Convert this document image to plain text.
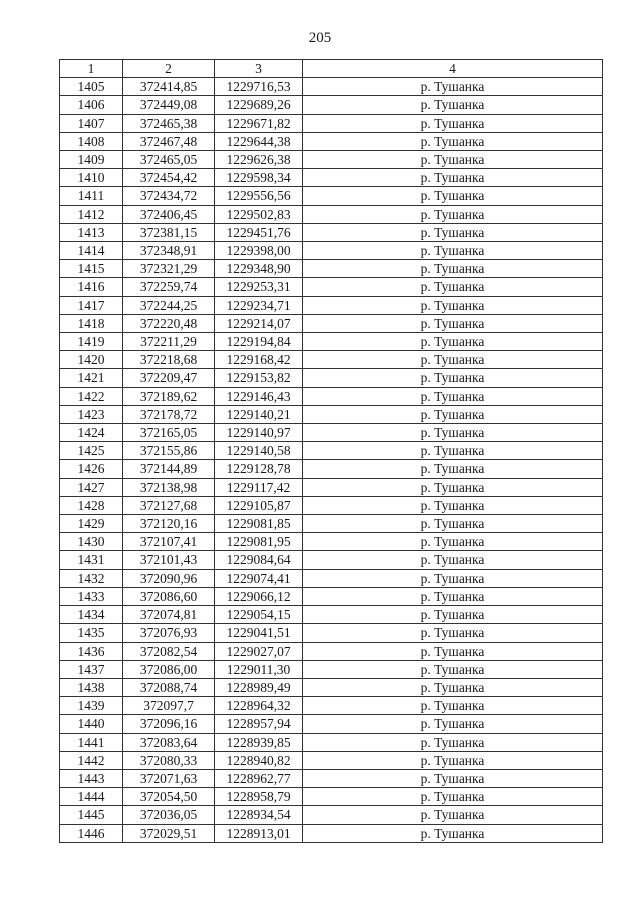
205
1	2	3	4
1405	372414,85	1229716,53	р. Тушанка
1406	372449,08	1229689,26	р. Тушанка
1407	372465,38	1229671,82	р. Тушанка
1408	372467,48	1229644,38	р. Тушанка
1409	372465,05	1229626,38	р. Тушанка
1410	372454,42	1229598,34	р. Тушанка
1411	372434,72	1229556,56	р. Тушанка
1412	372406,45	1229502,83	р. Тушанка
1413	372381,15	1229451,76	р. Тушанка
1414	372348,91	1229398,00	р. Тушанка
1415	372321,29	1229348,90	р. Тушанка
1416	372259,74	1229253,31	р. Тушанка
1417	372244,25	1229234,71	р. Тушанка
1418	372220,48	1229214,07	р. Тушанка
1419	372211,29	1229194,84	р. Тушанка
1420	372218,68	1229168,42	р. Тушанка
1421	372209,47	1229153,82	р. Тушанка
1422	372189,62	1229146,43	р. Тушанка
1423	372178,72	1229140,21	р. Тушанка
1424	372165,05	1229140,97	р. Тушанка
1425	372155,86	1229140,58	р. Тушанка
1426	372144,89	1229128,78	р. Тушанка
1427	372138,98	1229117,42	р. Тушанка
1428	372127,68	1229105,87	р. Тушанка
1429	372120,16	1229081,85	р. Тушанка
1430	372107,41	1229081,95	р. Тушанка
1431	372101,43	1229084,64	р. Тушанка
1432	372090,96	1229074,41	р. Тушанка
1433	372086,60	1229066,12	р. Тушанка
1434	372074,81	1229054,15	р. Тушанка
1435	372076,93	1229041,51	р. Тушанка
1436	372082,54	1229027,07	р. Тушанка
1437	372086,00	1229011,30	р. Тушанка
1438	372088,74	1228989,49	р. Тушанка
1439	372097,7	1228964,32	р. Тушанка
1440	372096,16	1228957,94	р. Тушанка
1441	372083,64	1228939,85	р. Тушанка
1442	372080,33	1228940,82	р. Тушанка
1443	372071,63	1228962,77	р. Тушанка
1444	372054,50	1228958,79	р. Тушанка
1445	372036,05	1228934,54	р. Тушанка
1446	372029,51	1228913,01	р. Тушанка
